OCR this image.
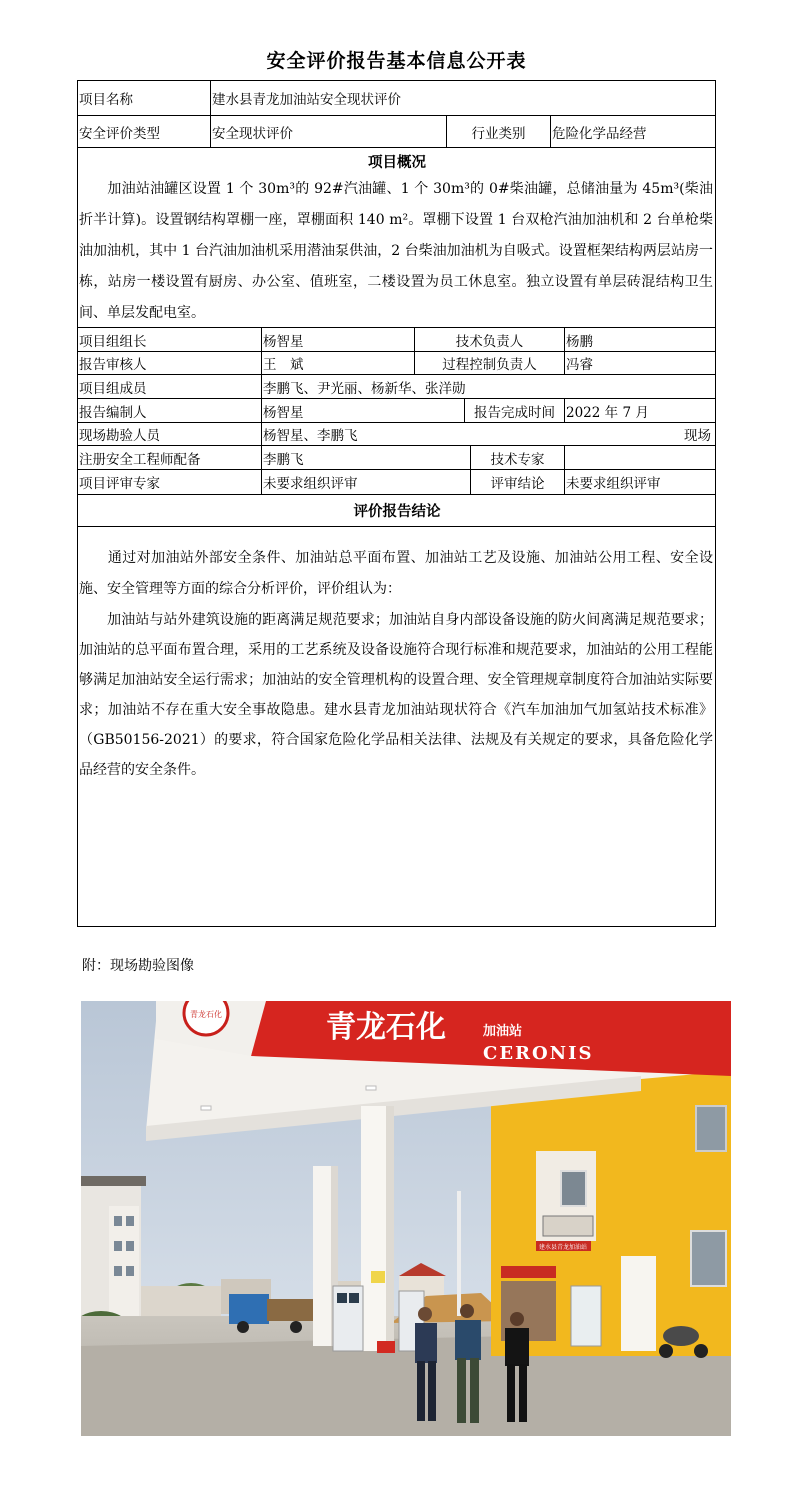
安全评价报告基本信息公开表
项目名称	建水县青龙加油站安全现状评价
安全评价类型	安全现状评价	行业类别	危险化学品经营
项目概况
　　加油站油罐区设置 1 个 30m³的 92#汽油罐、1 个 30m³的 0#柴油罐，总储油量为 45m³(柴油折半计算)。设置钢结构罩棚一座，罩棚面积 140 m²。罩棚下设置 1 台双枪汽油加油机和 2 台单枪柴油加油机，其中 1 台汽油加油机采用潜油泵供油，2 台柴油加油机为自吸式。设置框架结构两层站房一栋，站房一楼设置有厨房、办公室、值班室，二楼设置为员工休息室。独立设置有单层砖混结构卫生间、单层发配电室。
项目组组长	杨智星	技术负责人	杨鹏
报告审核人	王　斌	过程控制负责人	冯睿
项目组成员	李鹏飞、尹光丽、杨新华、张洋勋
报告编制人	杨智星	报告完成时间 2022 年 7 月
现场勘验人员	杨智星、李鹏飞	现场
注册安全工程师配备	李鹏飞	技术专家
项目评审专家	未要求组织评审	评审结论	未要求组织评审
评价报告结论
　　通过对加油站外部安全条件、加油站总平面布置、加油站工艺及设施、加油站公用工程、安全设施、安全管理等方面的综合分析评价，评价组认为：
　　加油站与站外建筑设施的距离满足规范要求；加油站自身内部设备设施的防火间离满足规范要求；加油站的总平面布置合理，采用的工艺系统及设备设施符合现行标准和规范要求，加油站的公用工程能够满足加油站安全运行需求；加油站的安全管理机构的设置合理、安全管理规章制度符合加油站实际要求；加油站不存在重大安全事故隐患。建水县青龙加油站现状符合《汽车加油加气加氢站技术标准》（GB50156-2021）的要求，符合国家危险化学品相关法律、法规及有关规定的要求，具备危险化学品经营的安全条件。
附：现场勘验图像
青龙石化	青龙石化	加油站
CERONIS
建水县青龙加油站
